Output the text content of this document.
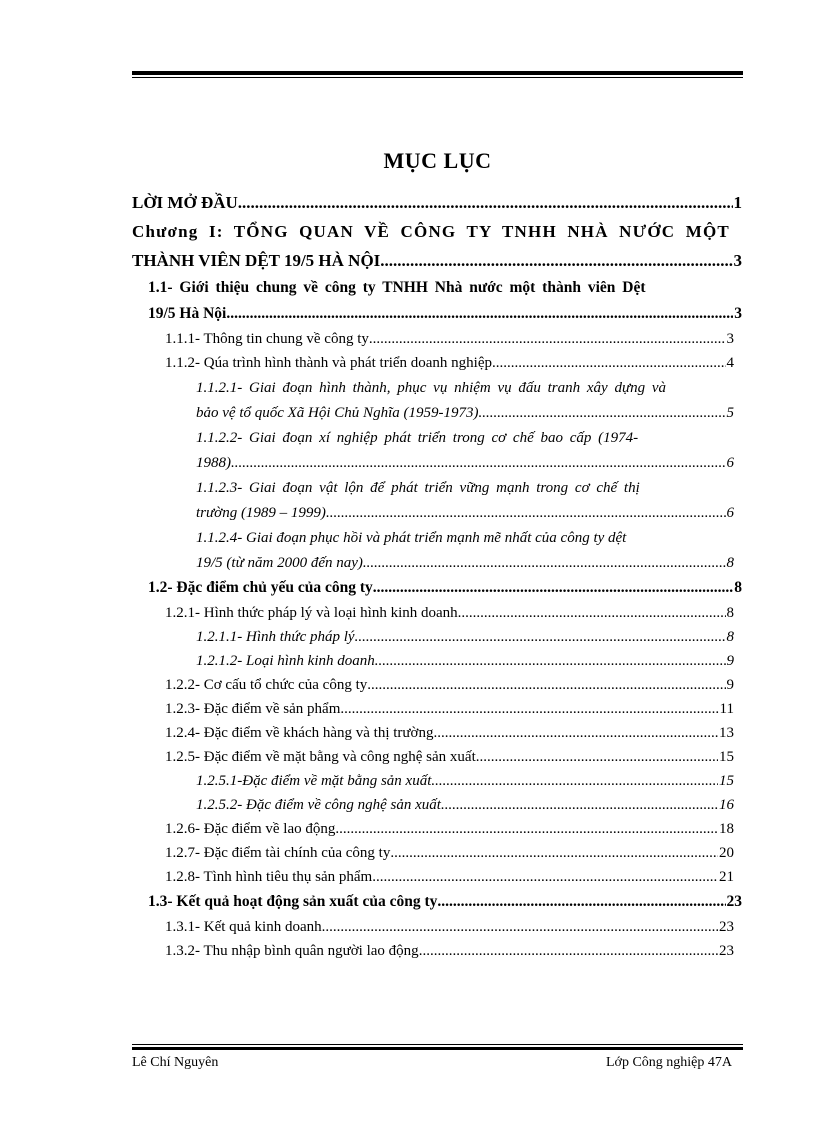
MỤC LỤC
LỜI MỞ ĐẦU .....	1
Chương I: TỔNG QUAN VỀ CÔNG TY TNHH NHÀ NƯỚC MỘT
THÀNH VIÊN DỆT 19/5 HÀ NỘI .....	3
1.1- Giới thiệu chung về công ty TNHH Nhà nước một thành viên Dệt
19/5 Hà Nội .....	3
1.1.1- Thông tin chung về công ty .....	3
1.1.2- Qúa trình hình thành và phát triển doanh nghiệp .....	4
1.1.2.1- Giai đoạn hình thành, phục vụ nhiệm vụ đấu tranh xây dựng và
bảo vệ tổ quốc Xã Hội Chủ Nghĩa (1959-1973) .....	5
1.1.2.2- Giai đoạn xí nghiệp phát triển trong cơ chế bao cấp (1974-
1988) .....	6
1.1.2.3- Giai đoạn vật lộn để phát triển vững mạnh trong cơ chế thị
trường (1989 – 1999) .....	6
1.1.2.4- Giai đoạn phục hồi và phát triển mạnh mẽ nhất của công ty dệt
19/5 (từ năm 2000 đến nay) .....	8
1.2- Đặc điểm chủ yếu của công ty .....	8
1.2.1- Hình thức pháp lý và loại hình kinh doanh .....	8
1.2.1.1- Hình thức pháp lý .....	8
1.2.1.2- Loại hình kinh doanh .....	9
1.2.2- Cơ cấu tổ chức của công ty .....	9
1.2.3- Đặc điểm về sản phẩm .....	11
1.2.4- Đặc điểm về khách hàng và thị trường .....	13
1.2.5- Đặc điểm về mặt bằng và công nghệ sản xuất .....	15
1.2.5.1-Đặc điểm về mặt bằng sản xuất .....	15
1.2.5.2- Đặc điểm về công nghệ sản xuất .....	16
1.2.6- Đặc điểm về lao động .....	18
1.2.7- Đặc điểm tài chính của công ty .....	20
1.2.8- Tình hình tiêu thụ sản phẩm .....	21
1.3- Kết quả hoạt động sản xuất của công ty .....	23
1.3.1- Kết quả kinh doanh .....	23
1.3.2- Thu nhập bình quân người lao động .....	23
Lê Chí Nguyên	Lớp Công nghiệp 47A
